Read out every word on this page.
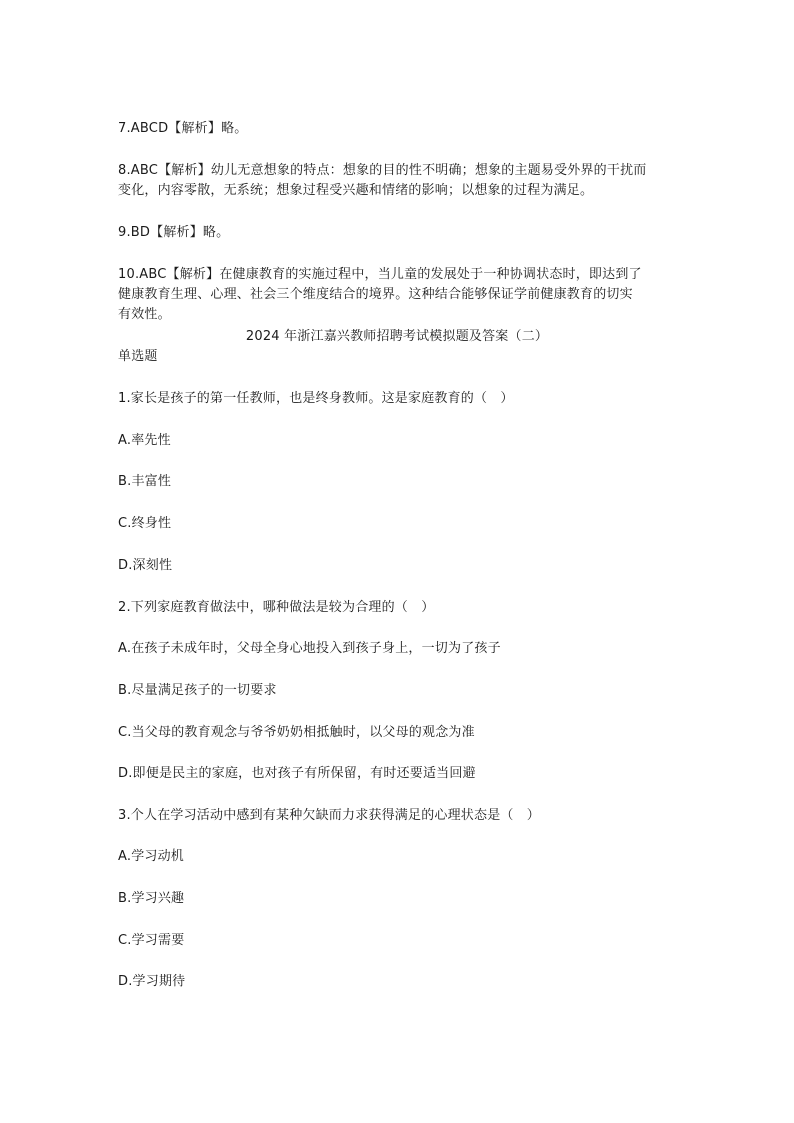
7.ABCD【解析】略。
8.ABC【解析】幼儿无意想象的特点：想象的目的性不明确；想象的主题易受外界的干扰而
变化，内容零散，无系统；想象过程受兴趣和情绪的影响；以想象的过程为满足。
9.BD【解析】略。
10.ABC【解析】在健康教育的实施过程中，当儿童的发展处于一种协调状态时，即达到了
健康教育生理、心理、社会三个维度结合的境界。这种结合能够保证学前健康教育的切实
有效性。
2024 年浙江嘉兴教师招聘考试模拟题及答案（二）
单选题
1.家长是孩子的第一任教师，也是终身教师。这是家庭教育的（　）
A.率先性
B.丰富性
C.终身性
D.深刻性
2.下列家庭教育做法中，哪种做法是较为合理的（　）
A.在孩子未成年时，父母全身心地投入到孩子身上，一切为了孩子
B.尽量满足孩子的一切要求
C.当父母的教育观念与爷爷奶奶相抵触时，以父母的观念为准
D.即便是民主的家庭，也对孩子有所保留，有时还要适当回避
3.个人在学习活动中感到有某种欠缺而力求获得满足的心理状态是（　）
A.学习动机
B.学习兴趣
C.学习需要
D.学习期待
